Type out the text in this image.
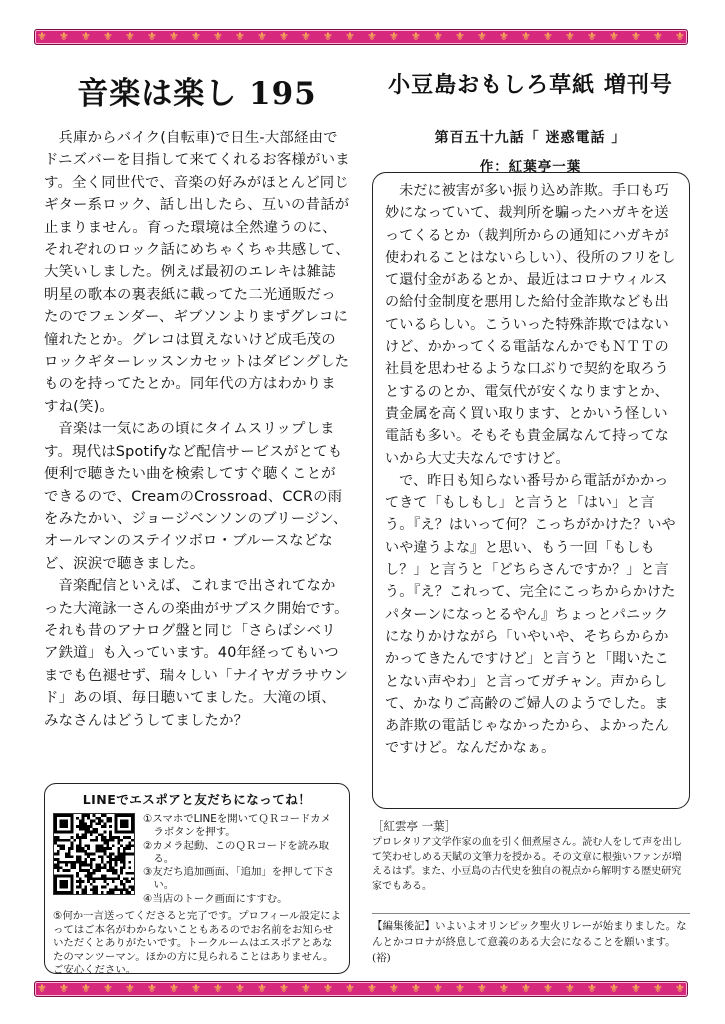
⚜ ⚜ ⚜ ⚜ ⚜ ⚜ ⚜ ⚜ ⚜ ⚜ ⚜ ⚜ ⚜ ⚜ ⚜ ⚜ ⚜ ⚜ ⚜ ⚜ ⚜ ⚜ ⚜ ⚜ ⚜ ⚜ ⚜ ⚜ ⚜ ⚜
音楽は楽し 195

兵庫からバイク(自転車)で日生-大部経由でドニズバーを目指して来てくれるお客様がいます。全く同世代で、音楽の好みがほとんど同じギター系ロック、話し出したら、互いの昔話が止まりません。育った環境は全然違うのに、それぞれのロック話にめちゃくちゃ共感して、大笑いしました。例えば最初のエレキは雑誌明星の歌本の裏表紙に載ってた二光通販だったのでフェンダー、ギブソンよりまずグレコに憧れたとか。グレコは買えないけど成毛茂のロックギターレッスンカセットはダビングしたものを持ってたとか。同年代の方はわかりますね(笑)。

音楽は一気にあの頃にタイムスリップします。現代はSpotifyなど配信サービスがとても便利で聴きたい曲を検索してすぐ聴くことができるので、CreamのCrossroad、CCRの雨をみたかい、ジョージベンソンのブリージン、オールマンのステイツボロ・ブルースなどなど、涙涙で聴きました。

音楽配信といえば、これまで出されてなかった大滝詠一さんの楽曲がサブスク開始です。それも昔のアナログ盤と同じ「さらばシベリア鉄道」も入っています。40年経ってもいつまでも色褪せず、瑞々しい「ナイヤガラサウンド」あの頃、毎日聴いてました。大滝の頃、みなさんはどうしてましたか？

LINEでエスポアと友だちになってね！
①スマホでLINEを開いてＱＲコードカメラボタンを押す。
②カメラ起動、このＱＲコードを読み取る。
③友だち追加画面、「追加」を押して下さい。
④当店のトーク画面にすすむ。
⑤何か一言送ってくださると完了です。プロフィール設定によってはご本名がわからないこともあるのでお名前をお知らせいただくとありがたいです。トークルームはエスポアとあなたのマンツーマン。ほかの方に見られることはありません。ご安心ください。
小豆島おもしろ草紙 増刊号
第百五十九話「 迷惑電話 」
作：紅葉亭一葉

未だに被害が多い振り込め詐欺。手口も巧妙になっていて、裁判所を騙ったハガキを送ってくるとか（裁判所からの通知にハガキが使われることはないらしい）、役所のフリをして還付金があるとか、最近はコロナウィルスの給付金制度を悪用した給付金詐欺なども出ているらしい。こういった特殊詐欺ではないけど、かかってくる電話なんかでもＮＴＴの社員を思わせるような口ぶりで契約を取ろうとするのとか、電気代が安くなりますとか、貴金属を高く買い取ります、とかいう怪しい電話も多い。そもそも貴金属なんて持ってないから大丈夫なんですけど。

で、昨日も知らない番号から電話がかかってきて「もしもし」と言うと「はい」と言う。『え？はいって何？こっちがかけた？いやいや違うよな』と思い、もう一回「もしもし？」と言うと「どちらさんですか？」と言う。『え？これって、完全にこっちからかけたパターンになっとるやん』ちょっとパニックになりかけながら「いやいや、そちらからかかってきたんですけど」と言うと「聞いたことない声やわ」と言ってガチャン。声からして、かなりご高齢のご婦人のようでした。まあ詐欺の電話じゃなかったから、よかったんですけど。なんだかなぁ。

［紅雲亭 一葉］
プロレタリア文学作家の血を引く佃煮屋さん。読む人をして声を出して笑わせしめる天賦の文筆力を授かる。その文章に根強いファンが増えるはず。また、小豆島の古代史を独自の視点から解明する歴史研究家でもある。
【編集後記】いよいよオリンピック聖火リレーが始まりました。なんとかコロナが終息して意義のある大会になることを願います。(裕)
⚜ ⚜ ⚜ ⚜ ⚜ ⚜ ⚜ ⚜ ⚜ ⚜ ⚜ ⚜ ⚜ ⚜ ⚜ ⚜ ⚜ ⚜ ⚜ ⚜ ⚜ ⚜ ⚜ ⚜ ⚜ ⚜ ⚜ ⚜ ⚜ ⚜
